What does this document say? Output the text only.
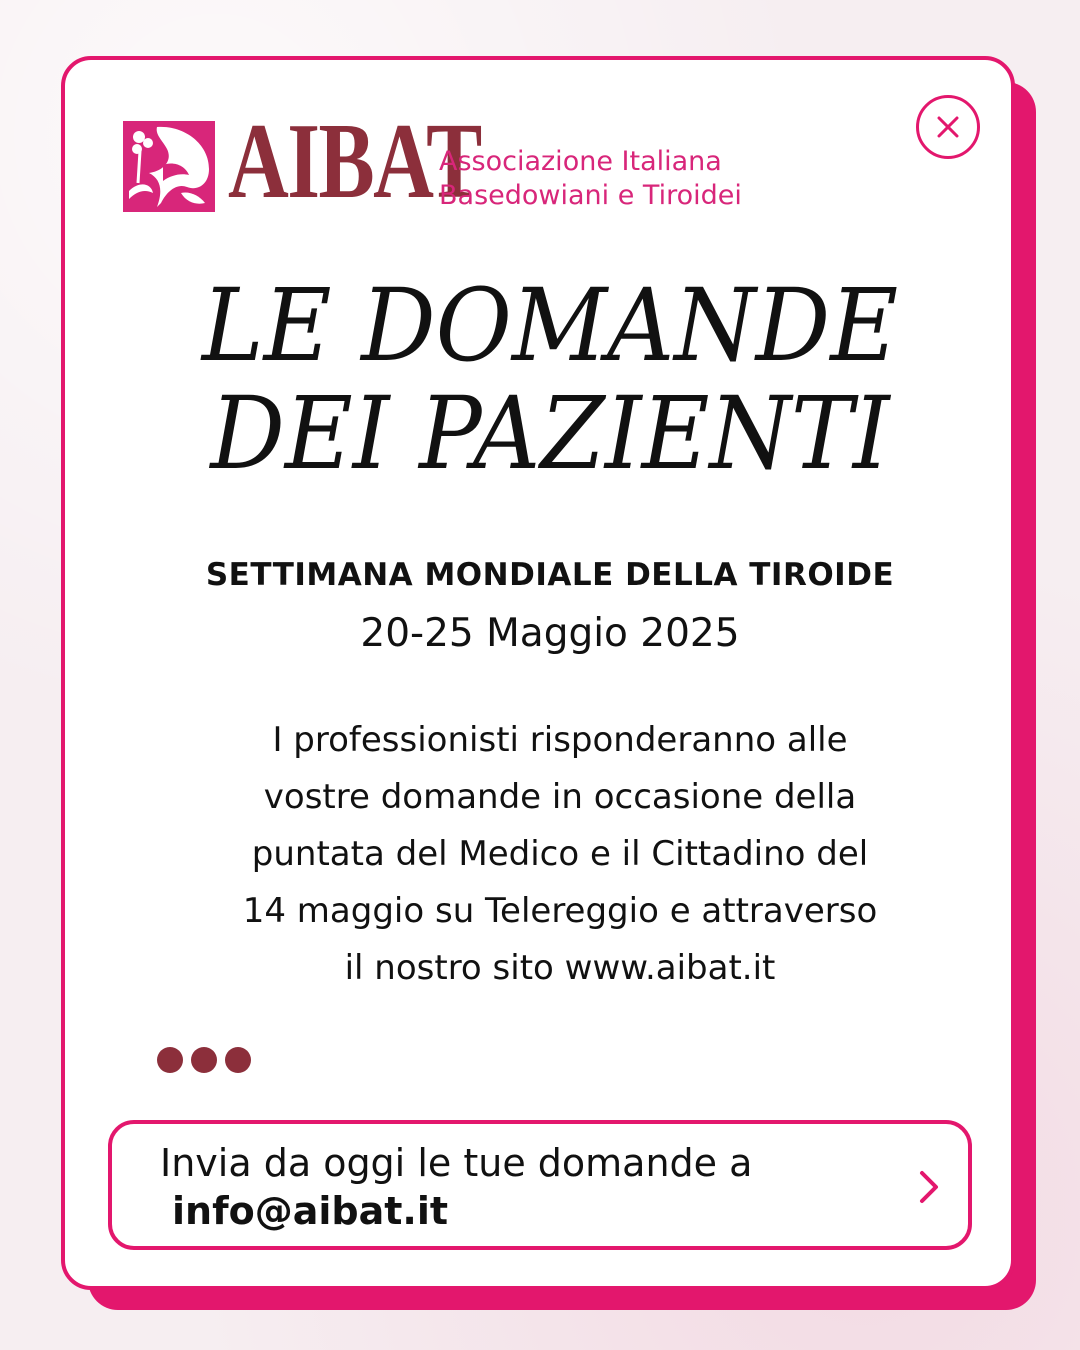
AIBAT
Associazione Italiana
Basedowiani e Tiroidei
LE DOMANDE
DEI PAZIENTI
SETTIMANA MONDIALE DELLA TIROIDE
20-25 Maggio 2025
I professionisti risponderanno alle
vostre domande in occasione della
puntata del Medico e il Cittadino del
14 maggio su Telereggio e attraverso
il nostro sito www.aibat.it
Invia da oggi le tue domande a
info@aibat.it
